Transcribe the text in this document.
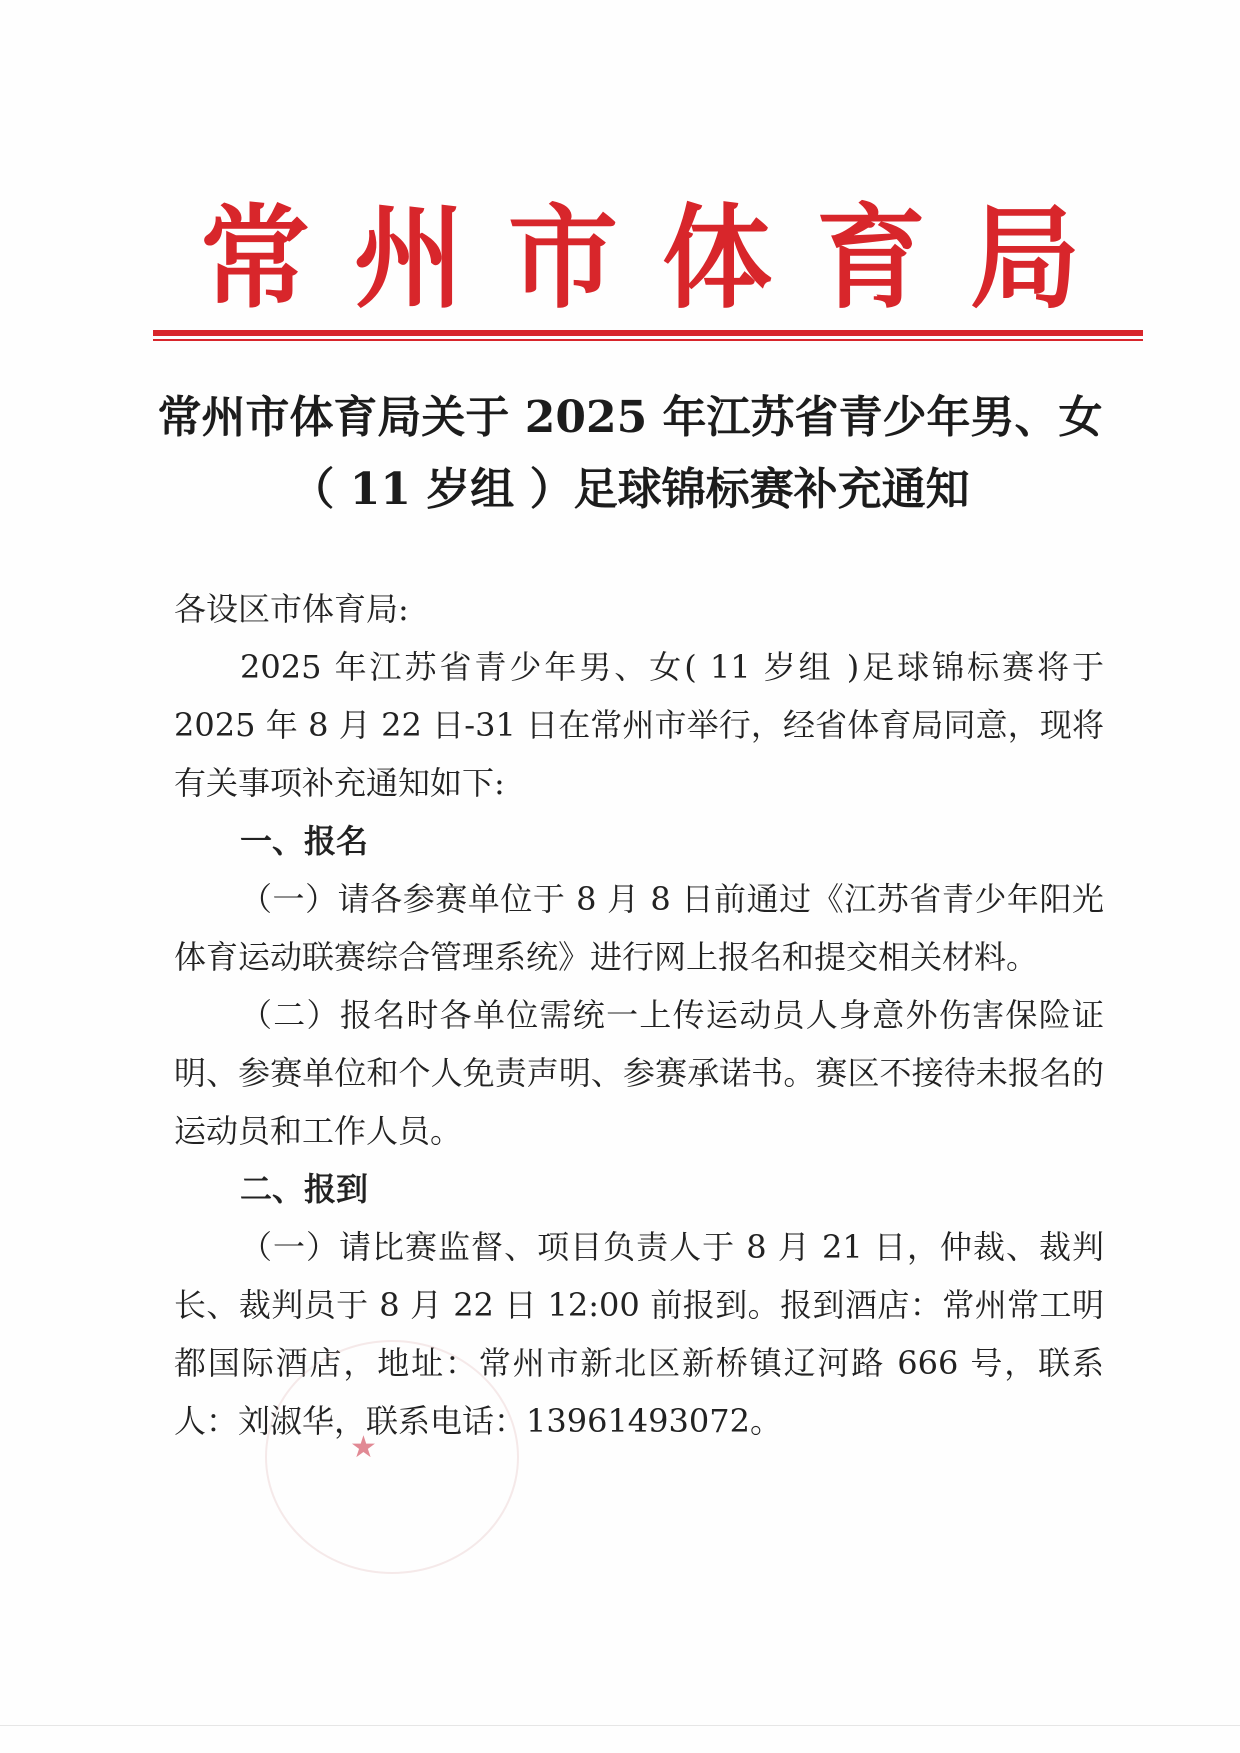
常 州 市 体 育 局
常州市体育局关于 2025 年江苏省青少年男、女
（ 11 岁组 ）足球锦标赛补充通知

各设区市体育局:

2025 年江苏省青少年男、女( 11 岁组 )足球锦标赛将于 2025 年 8 月 22 日-31 日在常州市举行，经省体育局同意，现将有关事项补充通知如下:

一、报名

（一）请各参赛单位于 8 月 8 日前通过《江苏省青少年阳光体育运动联赛综合管理系统》进行网上报名和提交相关材料。

（二）报名时各单位需统一上传运动员人身意外伤害保险证明、参赛单位和个人免责声明、参赛承诺书。赛区不接待未报名的运动员和工作人员。

二、报到

（一）请比赛监督、项目负责人于 8 月 21 日，仲裁、裁判长、裁判员于 8 月 22 日 12:00 前报到。报到酒店：常州常工明都国际酒店，地址：常州市新北区新桥镇辽河路 666 号，联系人：刘淑华，联系电话：13961493072。

★
